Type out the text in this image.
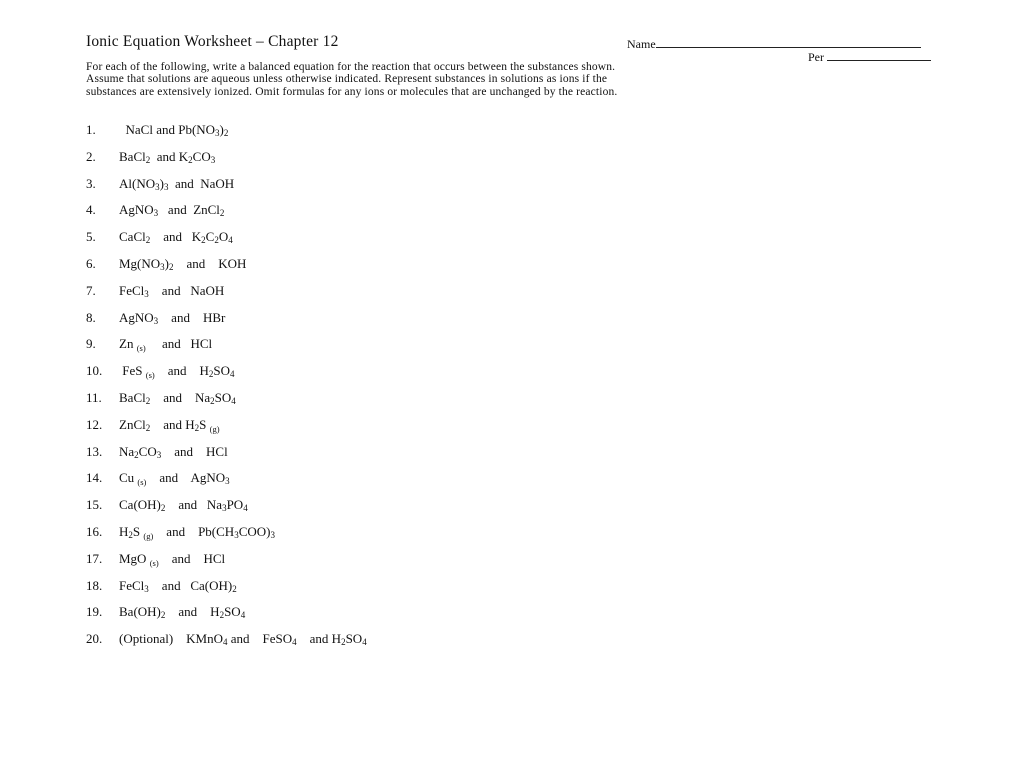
Ionic Equation Worksheet – Chapter 12	Name
Per
For each of the following, write a balanced equation for the reaction that occurs between the substances shown.
Assume that solutions are aqueous unless otherwise indicated. Represent substances in solutions as ions if the
substances are extensively ionized. Omit formulas for any ions or molecules that are unchanged by the reaction.
1.  NaCl and $Pb(NO_3)_2$
2. BaCl$_2$  and $K_2CO_3$
3. $Al(NO_3)_3$  and  NaOH
4. AgNO$_3$   and  ZnCl$_2$
5. CaCl$_2$    and   $K_2C_2O_4$
6. $Mg(NO_3)_2$    and    KOH
7. FeCl$_3$    and   NaOH
8. AgNO$_3$    and    HBr
9. Zn $_{(s)}$     and   HCl
10. FeS $_{(s)}$    and    $H_2SO_4$
11. BaCl$_2$    and    $Na_2SO_4$
12. ZnCl$_2$    and $H_2S$ $_{(g)}$
13. $Na_2CO_3$    and    HCl
14. Cu $_{(s)}$    and    AgNO$_3$
15. $Ca(OH)_2$    and   $Na_3PO_4$
16. $H_2S$ $_{(g)}$    and    $Pb(CH_3COO)_3$
17. MgO $_{(s)}$    and    HCl
18. FeCl$_3$    and   $Ca(OH)_2$
19. $Ba(OH)_2$    and    $H_2SO_4$
20. (Optional)    KMnO$_4$ and    FeSO$_4$    and $H_2SO_4$
